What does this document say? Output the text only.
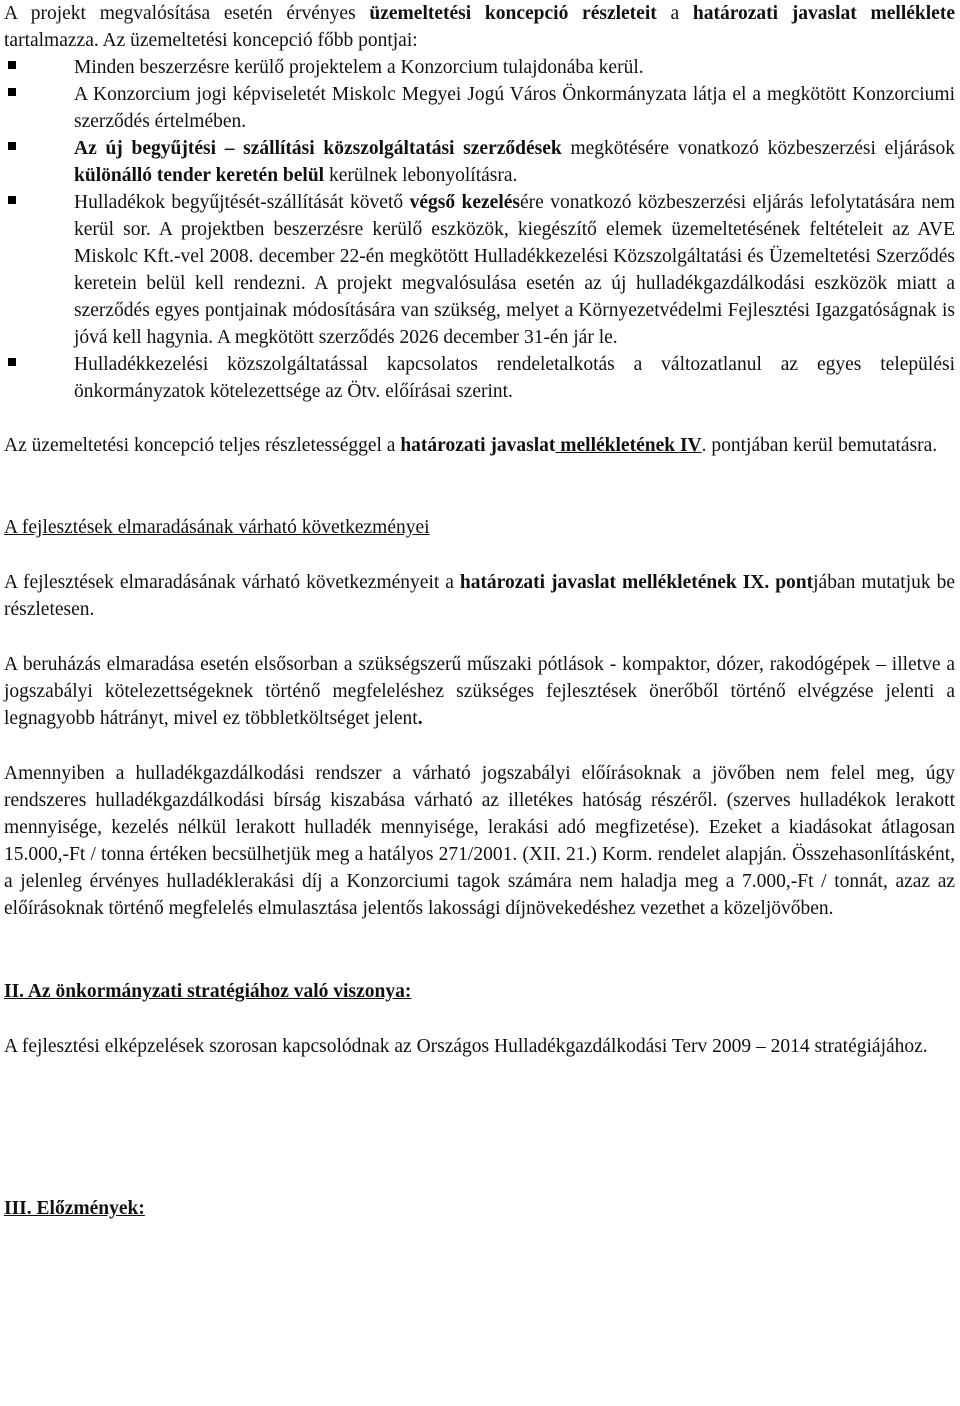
A projekt megvalósítása esetén érvényes üzemeltetési koncepció részleteit a határozati javaslat melléklete tartalmazza. Az üzemeltetési koncepció főbb pontjai:

Minden beszerzésre kerülő projektelem a Konzorcium tulajdonába kerül.
A Konzorcium jogi képviseletét Miskolc Megyei Jogú Város Önkormányzata látja el a megkötött Konzorciumi szerződés értelmében.
Az új begyűjtési – szállítási közszolgáltatási szerződések megkötésére vonatkozó közbeszerzési eljárások különálló tender keretén belül kerülnek lebonyolításra.
Hulladékok begyűjtését-szállítását követő végső kezelésére vonatkozó közbeszerzési eljárás lefolytatására nem kerül sor. A projektben beszerzésre kerülő eszközök, kiegészítő elemek üzemeltetésének feltételeit az AVE Miskolc Kft.-vel 2008. december 22-én megkötött Hulladékkezelési Közszolgáltatási és Üzemeltetési Szerződés keretein belül kell rendezni. A projekt megvalósulása esetén az új hulladékgazdálkodási eszközök miatt a szerződés egyes pontjainak módosítására van szükség, melyet a Környezetvédelmi Fejlesztési Igazgatóságnak is jóvá kell hagynia. A megkötött szerződés 2026 december 31-én jár le.
Hulladékkezelési közszolgáltatással kapcsolatos rendeletalkotás a változatlanul az egyes települési önkormányzatok kötelezettsége az Ötv. előírásai szerint.

Az üzemeltetési koncepció teljes részletességgel a határozati javaslat mellékletének IV. pontjában kerül bemutatásra.

A fejlesztések elmaradásának várható következményei

A fejlesztések elmaradásának várható következményeit a határozati javaslat mellékletének IX. pontjában mutatjuk be részletesen.

A beruházás elmaradása esetén elsősorban a szükségszerű műszaki pótlások - kompaktor, dózer, rakodógépek – illetve a jogszabályi kötelezettségeknek történő megfeleléshez szükséges fejlesztések önerőből történő elvégzése jelenti a legnagyobb hátrányt, mivel ez többletköltséget jelent.

Amennyiben a hulladékgazdálkodási rendszer a várható jogszabályi előírásoknak a jövőben nem felel meg, úgy rendszeres hulladékgazdálkodási bírság kiszabása várható az illetékes hatóság részéről. (szerves hulladékok lerakott mennyisége, kezelés nélkül lerakott hulladék mennyisége, lerakási adó megfizetése). Ezeket a kiadásokat átlagosan 15.000,-Ft / tonna értéken becsülhetjük meg a hatályos 271/2001. (XII. 21.) Korm. rendelet alapján. Összehasonlításként, a jelenleg érvényes hulladéklerakási díj a Konzorciumi tagok számára nem haladja meg a 7.000,-Ft / tonnát, azaz az előírásoknak történő megfelelés elmulasztása jelentős lakossági díjnövekedéshez vezethet a közeljövőben.

II. Az önkormányzati stratégiához való viszonya:

A fejlesztési elképzelések szorosan kapcsolódnak az Országos Hulladékgazdálkodási Terv 2009 – 2014 stratégiájához.

III. Előzmények:
